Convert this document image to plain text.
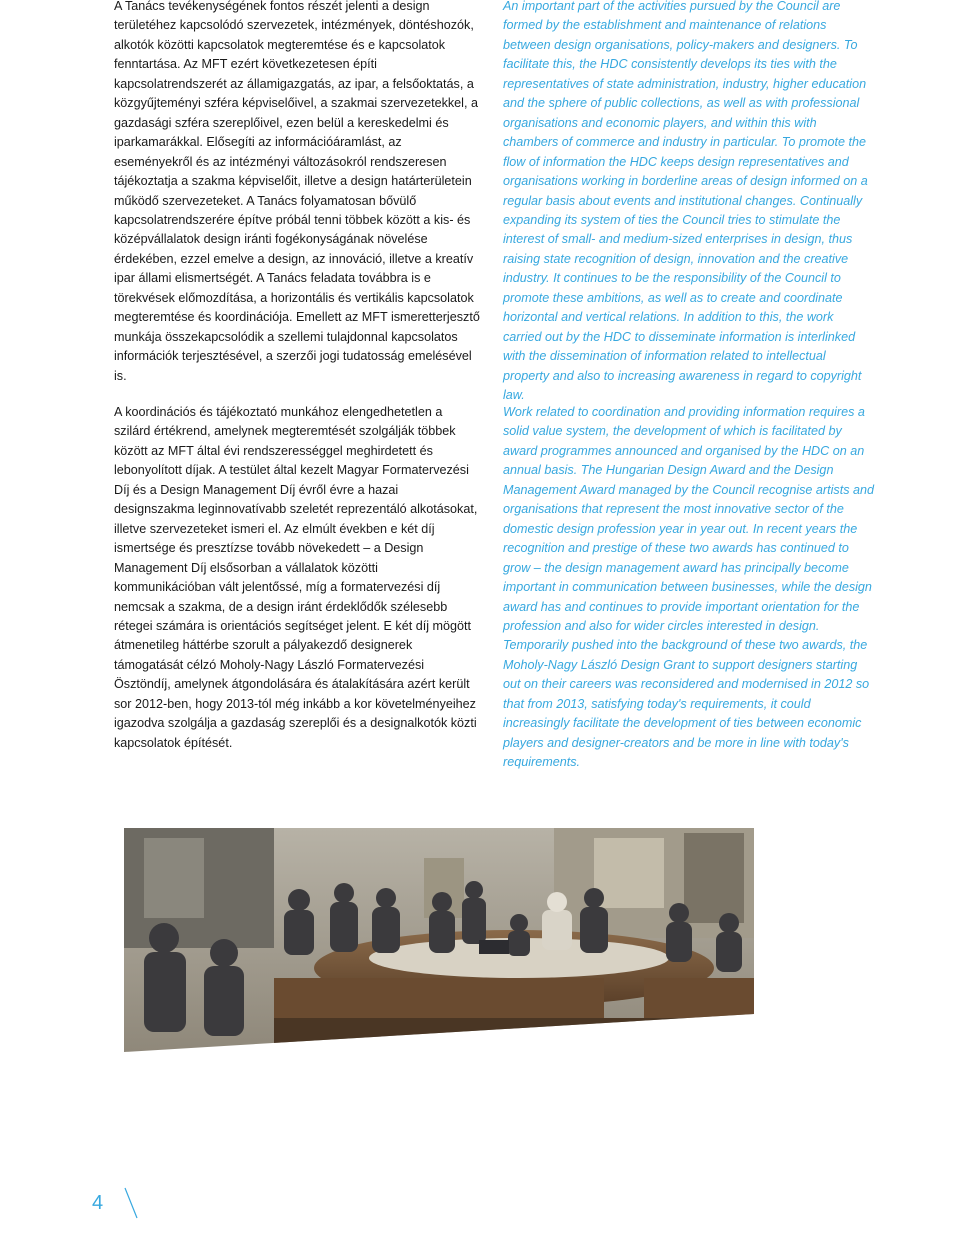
A Tanács tevékenységének fontos részét jelenti a design területéhez kapcsolódó szervezetek, intézmények, döntéshozók, alkotók közötti kapcsolatok megteremtése és e kapcsolatok fenntartása. Az MFT ezért következetesen építi kapcsolatrendszerét az államigazgatás, az ipar, a felsőoktatás, a közgyűjteményi szféra képviselőivel, a szakmai szervezetekkel, a gazdasági szféra szereplőivel, ezen belül a kereskedelmi és iparkamarákkal. Elősegíti az információáramlást, az eseményekről és az intézményi változásokról rendszeresen tájékoztatja a szakma képviselőit, illetve a design határterületein működő szervezeteket. A Tanács folyamatosan bővülő kapcsolatrendszerére építve próbál tenni többek között a kis- és középvállalatok design iránti fogékonyságának növelése érdekében, ezzel emelve a design, az innováció, illetve a kreatív ipar állami elismertségét. A Tanács feladata továbbra is e törekvések előmozdítása, a horizontális és vertikális kapcsolatok megteremtése és koordinációja. Emellett az MFT ismeretterjesztő munkája összekapcsolódik a szellemi tulajdonnal kapcsolatos információk terjesztésével, a szerzői jogi tudatosság emelésével is.

An important part of the activities pursued by the Council are formed by the establishment and maintenance of relations between design organisations, policy-makers and designers. To facilitate this, the HDC consistently develops its ties with the representatives of state administration, industry, higher education and the sphere of public collections, as well as with professional organisations and economic players, and within this with chambers of commerce and industry in particular. To promote the flow of information the HDC keeps design representatives and organisations working in borderline areas of design informed on a regular basis about events and institutional changes. Continually expanding its system of ties the Council tries to stimulate the interest of small- and medium-sized enterprises in design, thus raising state recognition of design, innovation and the creative industry. It continues to be the responsibility of the Council to promote these ambitions, as well as to create and coordinate horizontal and vertical relations. In addition to this, the work carried out by the HDC to disseminate information is interlinked with the dissemination of information related to intellectual property and also to increasing awareness in regard to copyright law.

A koordinációs és tájékoztató munkához elengedhetetlen a szilárd értékrend, amelynek megteremtését szolgálják többek között az MFT által évi rendszerességgel meghirdetett és lebonyolított díjak. A testület által kezelt Magyar Formatervezési Díj és a Design Management Díj évről évre a hazai designszakma leginnovatívabb szeletét reprezentáló alkotásokat, illetve szervezeteket ismeri el. Az elmúlt években e két díj ismertsége és presztízse tovább növekedett – a Design Management Díj elsősorban a vállalatok közötti kommunikációban vált jelentőssé, míg a formatervezési díj nemcsak a szakma, de a design iránt érdeklődők szélesebb rétegei számára is orientációs segítséget jelent. E két díj mögött átmenetileg háttérbe szorult a pályakezdő designerek támogatását célzó Moholy-Nagy László Formatervezési Ösztöndíj, amelynek átgondolására és átalakítására azért került sor 2012-ben, hogy 2013-tól még inkább a kor követelményeihez igazodva szolgálja a gazdaság szereplői és a designalkotók közti kapcsolatok építését.

Work related to coordination and providing information requires a solid value system, the development of which is facilitated by award programmes announced and organised by the HDC on an annual basis. The Hungarian Design Award and the Design Management Award managed by the Council recognise artists and organisations that represent the most innovative sector of the domestic design profession year in year out. In recent years the recognition and prestige of these two awards has continued to grow – the design management award has principally become important in communication between businesses, while the design award has and continues to provide important orientation for the profession and also for wider circles interested in design. Temporarily pushed into the background of these two awards, the Moholy-Nagy László Design Grant to support designers starting out on their careers was reconsidered and modernised in 2012 so that from 2013, satisfying today's requirements, it could increasingly facilitate the development of ties between economic players and designer-creators and be more in line with today's requirements.

4
